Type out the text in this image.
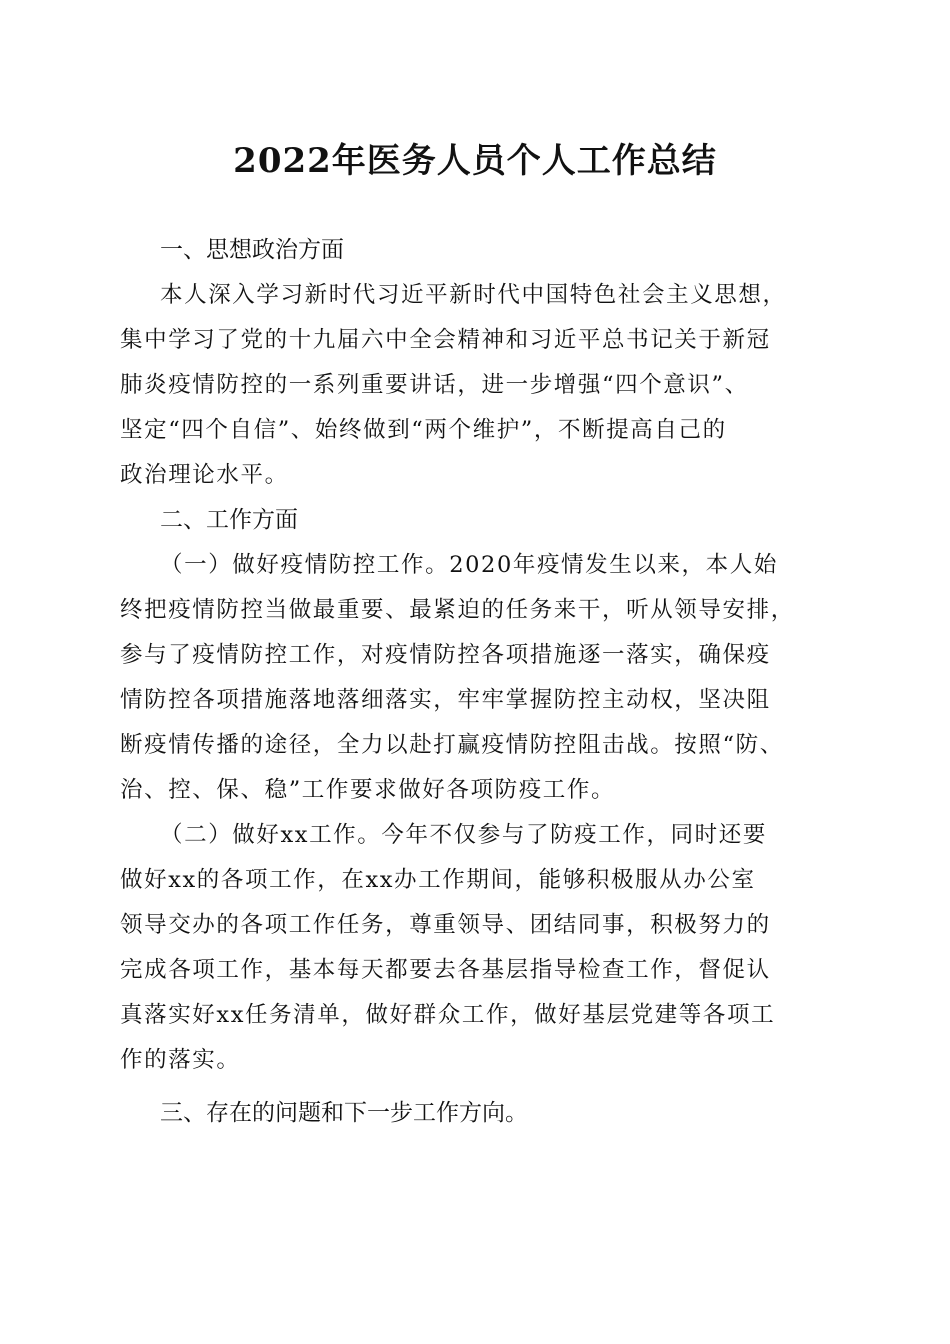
2022年医务人员个人工作总结
一、思想政治方面
本人深入学习新时代习近平新时代中国特色社会主义思想，
集中学习了党的十九届六中全会精神和习近平总书记关于新冠
肺炎疫情防控的一系列重要讲话，进一步增强“四个意识”、
坚定“四个自信”、始终做到“两个维护”，不断提高自己的
政治理论水平。
二、工作方面
（一）做好疫情防控工作。2020年疫情发生以来，本人始
终把疫情防控当做最重要、最紧迫的任务来干，听从领导安排，
参与了疫情防控工作，对疫情防控各项措施逐一落实，确保疫
情防控各项措施落地落细落实，牢牢掌握防控主动权，坚决阻
断疫情传播的途径，全力以赴打赢疫情防控阻击战。按照“防、
治、控、保、稳”工作要求做好各项防疫工作。
（二）做好xx工作。今年不仅参与了防疫工作，同时还要
做好xx的各项工作，在xx办工作期间，能够积极服从办公室
领导交办的各项工作任务，尊重领导、团结同事，积极努力的
完成各项工作，基本每天都要去各基层指导检查工作，督促认
真落实好xx任务清单，做好群众工作，做好基层党建等各项工
作的落实。
三、存在的问题和下一步工作方向。
